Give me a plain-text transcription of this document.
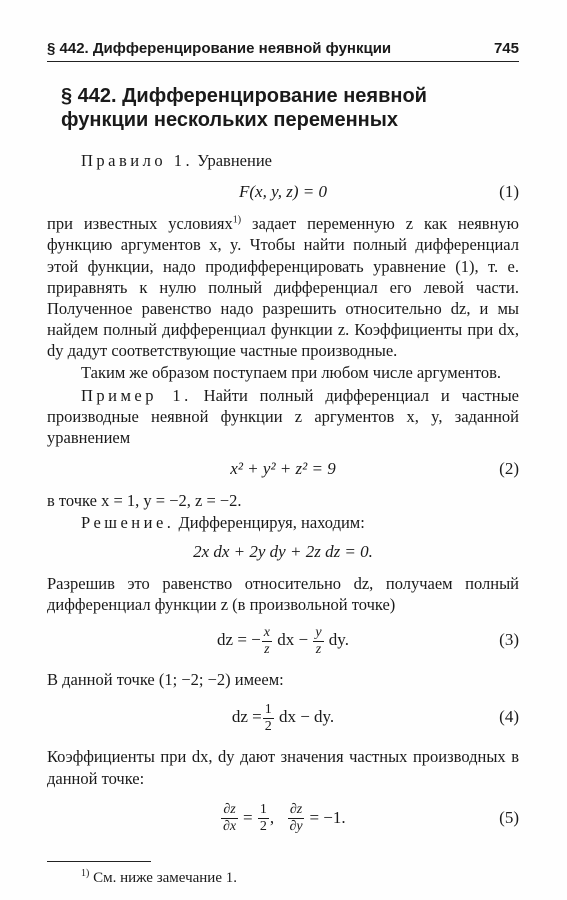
§ 442. Дифференцирование неявной функции	745
§ 442. Дифференцирование неявной функции нескольких переменных

Правило 1. Уравнение

F(x, y, z) = 0	(1)

при известных условиях$^{1)}$ задает переменную z как неявную функцию аргументов x, y. Чтобы найти полный дифференциал этой функции, надо продифференцировать уравнение (1), т. е. приравнять к нулю полный дифференциал его левой части. Полученное равенство надо разрешить относительно dz, и мы найдем полный дифференциал функции z. Коэффициенты при dx, dy дадут соответствующие частные производные.

Таким же образом поступаем при любом числе аргументов.

Пример 1. Найти полный дифференциал и частные производные неявной функции z аргументов x, y, заданной уравнением

x² + y² + z² = 9	(2)

в точке x = 1, y = −2, z = −2.

Решение. Дифференцируя, находим:

2x dx + 2y dy + 2z dz = 0.

Разрешив это равенство относительно dz, получаем полный дифференциал функции z (в произвольной точке)

dz = − $\frac{x}{z}$ dx − $\frac{y}{z}$ dy.	(3)

В данной точке (1; −2; −2) имеем:

dz = $\frac{1}{2}$ dx − dy.	(4)

Коэффициенты при dx, dy дают значения частных производных в данной точке:

$\frac{\partial z}{\partial x} = \frac{1}{2}$ , $\frac{\partial z}{\partial y} = -1$.	(5)

$^{1)}$ См. ниже замечание 1.
